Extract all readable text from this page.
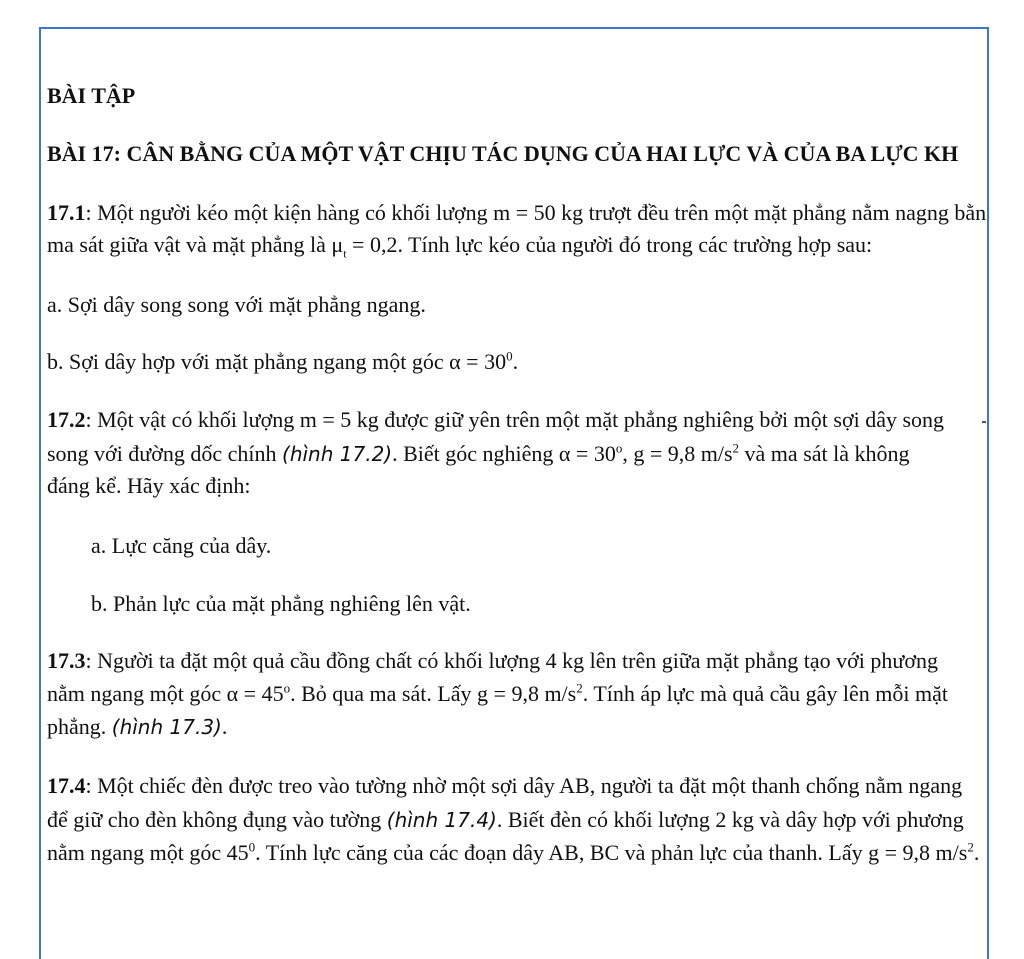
BÀI TẬP
BÀI 17: CÂN BẰNG CỦA MỘT VẬT CHỊU TÁC DỤNG CỦA HAI LỰC VÀ CỦA BA LỰC KH
17.1: Một người kéo một kiện hàng có khối lượng m = 50 kg trượt đều trên một mặt phẳng nằm nagng bằn
ma sát giữa vật và mặt phẳng là $\mu_t = 0,2$. Tính lực kéo của người đó trong các trường hợp sau:
a. Sợi dây song song với mặt phẳng ngang.
b. Sợi dây hợp với mặt phẳng ngang một góc $\alpha = 30^0$.
17.2: Một vật có khối lượng m = 5 kg được giữ yên trên một mặt phẳng nghiêng bởi một sợi dây song
song với đường dốc chính (hình 17.2). Biết góc nghiêng $\alpha = 30^o$, g = 9,8 $m/s^2$ và ma sát là không
đáng kể. Hãy xác định:
a. Lực căng của dây.
b. Phản lực của mặt phẳng nghiêng lên vật.
17.3: Người ta đặt một quả cầu đồng chất có khối lượng 4 kg lên trên giữa mặt phẳng tạo với phương
nằm ngang một góc $\alpha = 45^o$. Bỏ qua ma sát. Lấy g = 9,8 $m/s^2$. Tính áp lực mà quả cầu gây lên mỗi mặt
phẳng. (hình 17.3).
17.4: Một chiếc đèn được treo vào tường nhờ một sợi dây AB, người ta đặt một thanh chống nằm ngang
để giữ cho đèn không đụng vào tường (hình 17.4). Biết đèn có khối lượng 2 kg và dây hợp với phương
nằm ngang một góc $45^0$. Tính lực căng của các đoạn dây AB, BC và phản lực của thanh. Lấy g = 9,8 $m/s^2$.
